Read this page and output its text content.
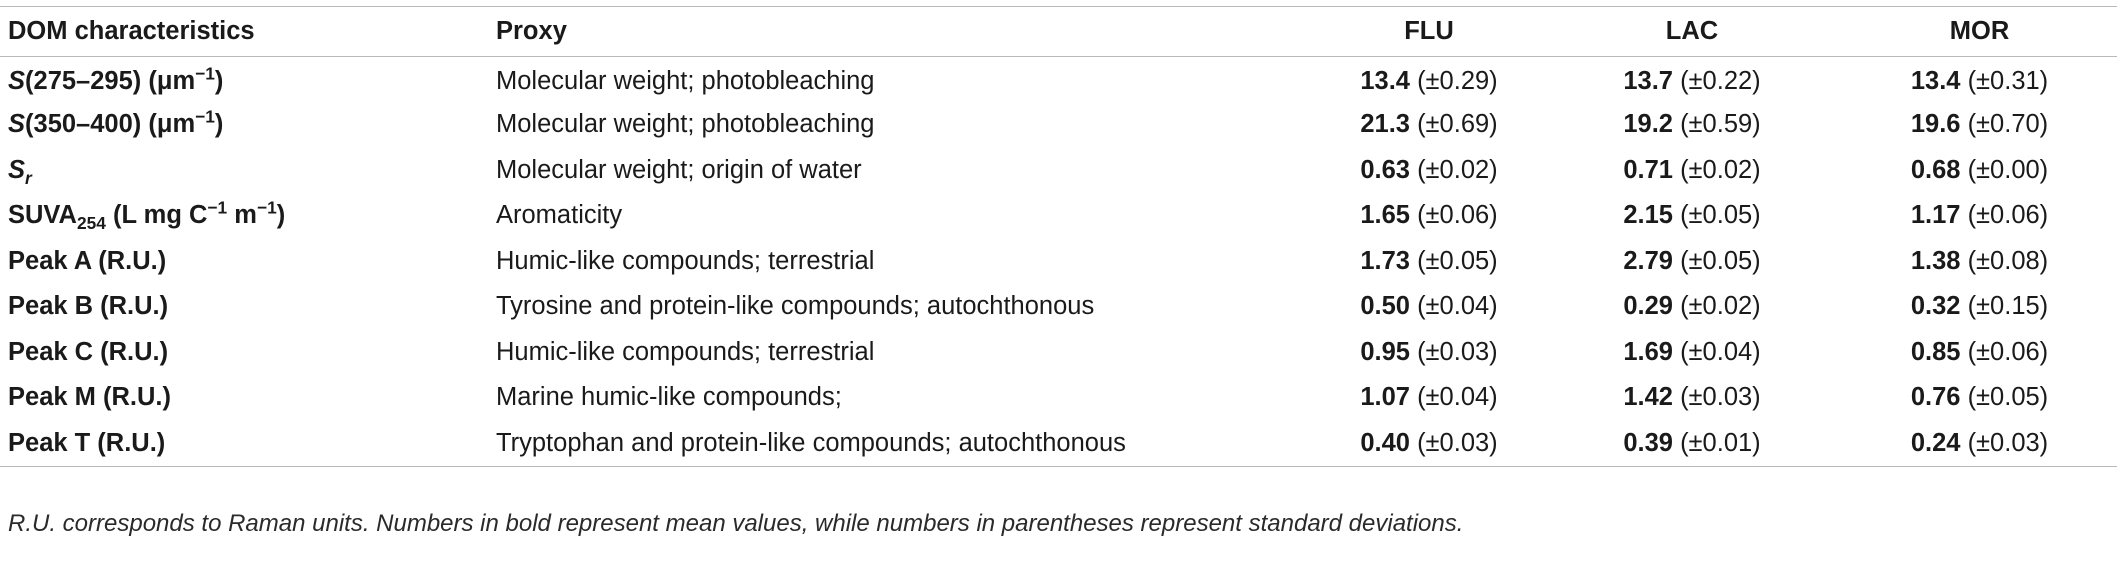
DOM characteristics	Proxy	FLU	LAC	MOR
S(275–295) $(\mu m^{-1})$	Molecular weight; photobleaching	13.4 (±0.29)	13.7 (±0.22)	13.4 (±0.31)
S(350–400) $(\mu m^{-1})$	Molecular weight; photobleaching	21.3 (±0.69)	19.2 (±0.59)	19.6 (±0.70)
$S_r$	Molecular weight; origin of water	0.63 (±0.02)	0.71 (±0.02)	0.68 (±0.00)
$SUVA_{254}$ (L mg $C^{-1}$ $m^{-1}$)	Aromaticity	1.65 (±0.06)	2.15 (±0.05)	1.17 (±0.06)
Peak A (R.U.)	Humic-like compounds; terrestrial	1.73 (±0.05)	2.79 (±0.05)	1.38 (±0.08)
Peak B (R.U.)	Tyrosine and protein-like compounds; autochthonous	0.50 (±0.04)	0.29 (±0.02)	0.32 (±0.15)
Peak C (R.U.)	Humic-like compounds; terrestrial	0.95 (±0.03)	1.69 (±0.04)	0.85 (±0.06)
Peak M (R.U.)	Marine humic-like compounds;	1.07 (±0.04)	1.42 (±0.03)	0.76 (±0.05)
Peak T (R.U.)	Tryptophan and protein-like compounds; autochthonous	0.40 (±0.03)	0.39 (±0.01)	0.24 (±0.03)
R.U. corresponds to Raman units. Numbers in bold represent mean values, while numbers in parentheses represent standard deviations.
